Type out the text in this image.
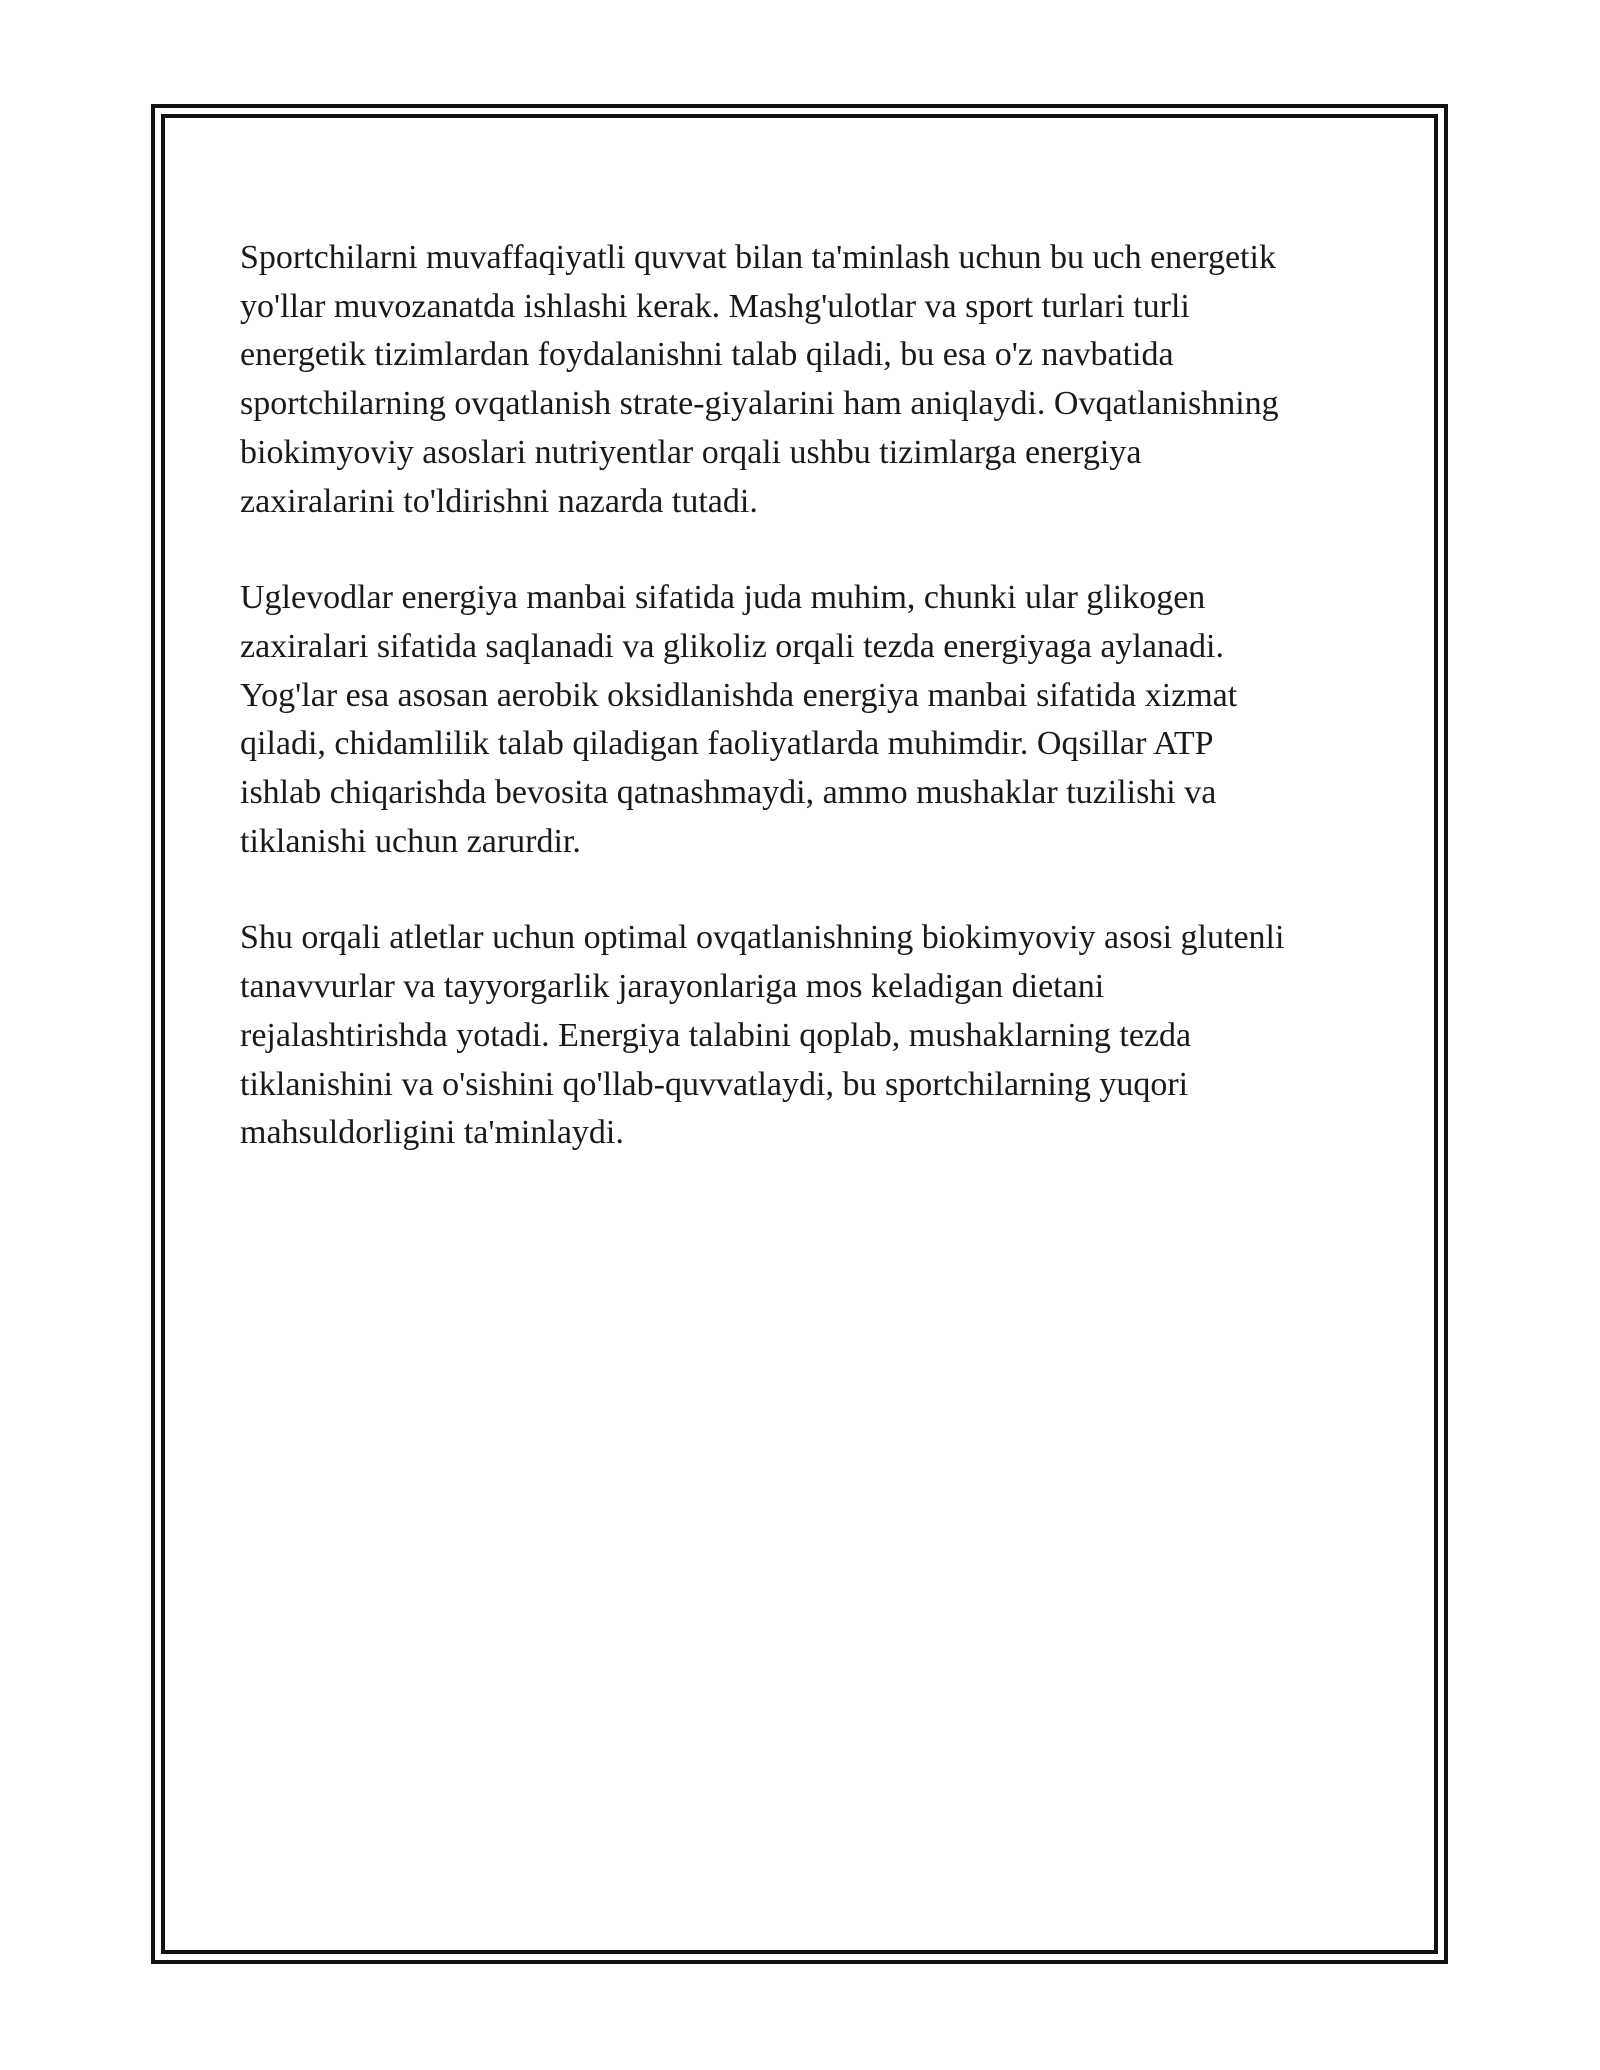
Sportchilarni muvaffaqiyatli quvvat bilan ta'minlash uchun bu uch energetik
yo'llar muvozanatda ishlashi kerak. Mashg'ulotlar va sport turlari turli
energetik tizimlardan foydalanishni talab qiladi, bu esa o'z navbatida
sportchilarning ovqatlanish strate-giyalarini ham aniqlaydi. Ovqatlanishning
biokimyoviy asoslari nutriyentlar orqali ushbu tizimlarga energiya
zaxiralarini to'ldirishni nazarda tutadi.

Uglevodlar energiya manbai sifatida juda muhim, chunki ular glikogen
zaxiralari sifatida saqlanadi va glikoliz orqali tezda energiyaga aylanadi.
Yog'lar esa asosan aerobik oksidlanishda energiya manbai sifatida xizmat
qiladi, chidamlilik talab qiladigan faoliyatlarda muhimdir. Oqsillar ATP
ishlab chiqarishda bevosita qatnashmaydi, ammo mushaklar tuzilishi va
tiklanishi uchun zarurdir.

Shu orqali atletlar uchun optimal ovqatlanishning biokimyoviy asosi glutenli
tanavvurlar va tayyorgarlik jarayonlariga mos keladigan dietani
rejalashtirishda yotadi. Energiya talabini qoplab, mushaklarning tezda
tiklanishini va o'sishini qo'llab-quvvatlaydi, bu sportchilarning yuqori
mahsuldorligini ta'minlaydi.
